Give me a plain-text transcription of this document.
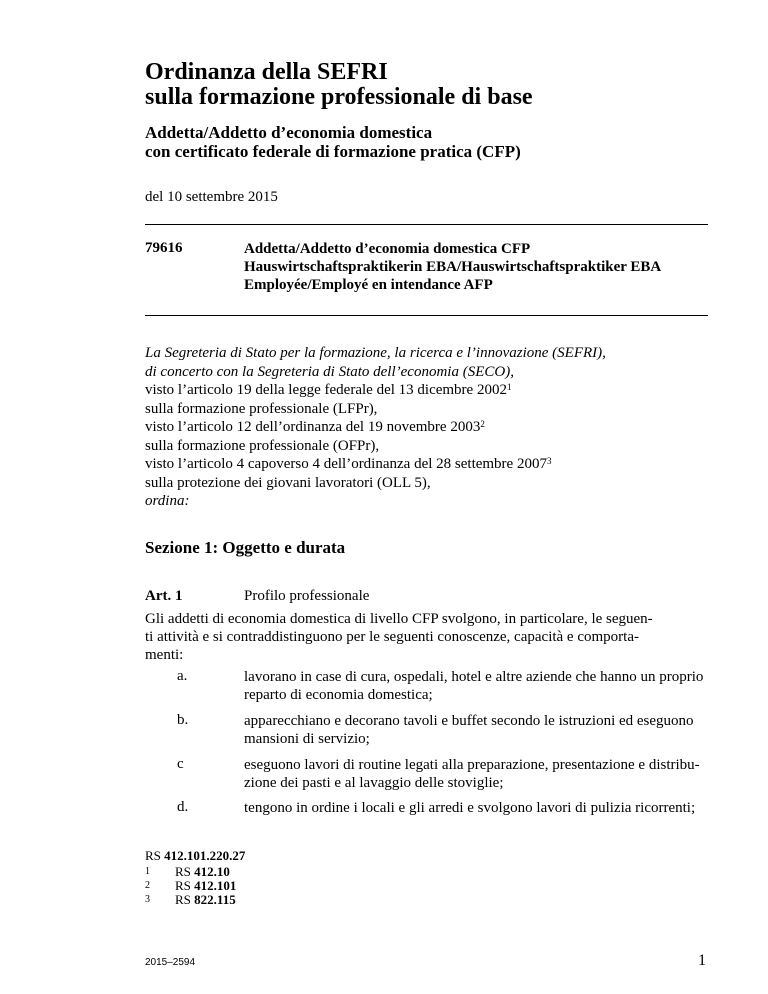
Ordinanza della SEFRI
sulla formazione professionale di base
Addetta/Addetto d’economia domestica
con certificato federale di formazione pratica (CFP)
del 10 settembre 2015
79616	Addetta/Addetto d’economia domestica CFP
Hauswirtschaftspraktikerin EBA/Hauswirtschaftspraktiker EBA
Employée/Employé en intendance AFP
La Segreteria di Stato per la formazione, la ricerca e l’innovazione (SEFRI),
di concerto con la Segreteria di Stato dell’economia (SECO),
visto l’articolo 19 della legge federale del 13 dicembre 2002$^1$
sulla formazione professionale (LFPr),
visto l’articolo 12 dell’ordinanza del 19 novembre 2003$^2$
sulla formazione professionale (OFPr),
visto l’articolo 4 capoverso 4 dell’ordinanza del 28 settembre 2007$^3$
sulla protezione dei giovani lavoratori (OLL 5),
ordina:
Sezione 1: Oggetto e durata
Art. 1	Profilo professionale
Gli addetti di economia domestica di livello CFP svolgono, in particolare, le seguen-
ti attività e si contraddistinguono per le seguenti conoscenze, capacità e comporta-
menti:
a.	lavorano in case di cura, ospedali, hotel e altre aziende che hanno un proprio
reparto di economia domestica;
b.	apparecchiano e decorano tavoli e buffet secondo le istruzioni ed eseguono
mansioni di servizio;
c	eseguono lavori di routine legati alla preparazione, presentazione e distribu-
zione dei pasti e al lavaggio delle stoviglie;
d.	tengono in ordine i locali e gli arredi e svolgono lavori di pulizia ricorrenti;
RS 412.101.220.27
1 RS 412.10
2 RS 412.101
3 RS 822.115
2015–2594	1
